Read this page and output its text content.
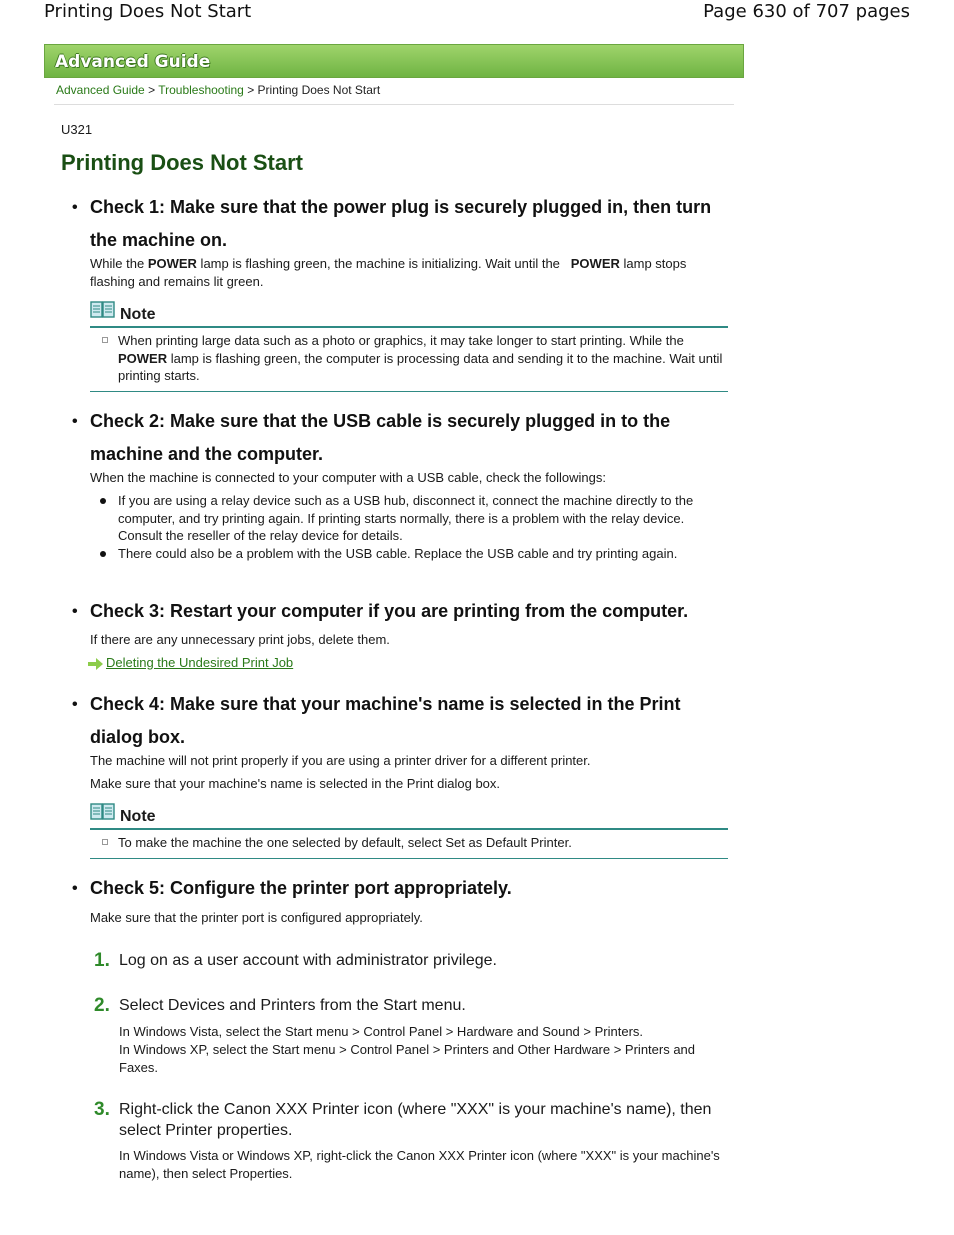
Printing Does Not Start	Page 630 of 707 pages
Advanced Guide
Advanced Guide > Troubleshooting > Printing Does Not Start
U321
Printing Does Not Start
• Check 1: Make sure that the power plug is securely plugged in, then turn the machine on.

While the POWER lamp is flashing green, the machine is initializing. Wait until the   POWER lamp stops flashing and remains lit green.

Note
When printing large data such as a photo or graphics, it may take longer to start printing. While the POWER lamp is flashing green, the computer is processing data and sending it to the machine. Wait until printing starts.
• Check 2: Make sure that the USB cable is securely plugged in to the machine and the computer.

When the machine is connected to your computer with a USB cable, check the followings:

If you are using a relay device such as a USB hub, disconnect it, connect the machine directly to the computer, and try printing again. If printing starts normally, there is a problem with the relay device. Consult the reseller of the relay device for details.
There could also be a problem with the USB cable. Replace the USB cable and try printing again.
• Check 3: Restart your computer if you are printing from the computer.

If there are any unnecessary print jobs, delete them.

Deleting the Undesired Print Job
• Check 4: Make sure that your machine's name is selected in the Print dialog box.

The machine will not print properly if you are using a printer driver for a different printer.

Make sure that your machine's name is selected in the Print dialog box.

Note
To make the machine the one selected by default, select Set as Default Printer.
• Check 5: Configure the printer port appropriately.

Make sure that the printer port is configured appropriately.

1. Log on as a user account with administrator privilege.
2. Select Devices and Printers from the Start menu.

In Windows Vista, select the Start menu > Control Panel > Hardware and Sound > Printers.

In Windows XP, select the Start menu > Control Panel > Printers and Other Hardware > Printers and Faxes.

3. Right-click the Canon XXX Printer icon (where "XXX" is your machine's name), then select Printer properties.

In Windows Vista or Windows XP, right-click the Canon XXX Printer icon (where "XXX" is your machine's name), then select Properties.
